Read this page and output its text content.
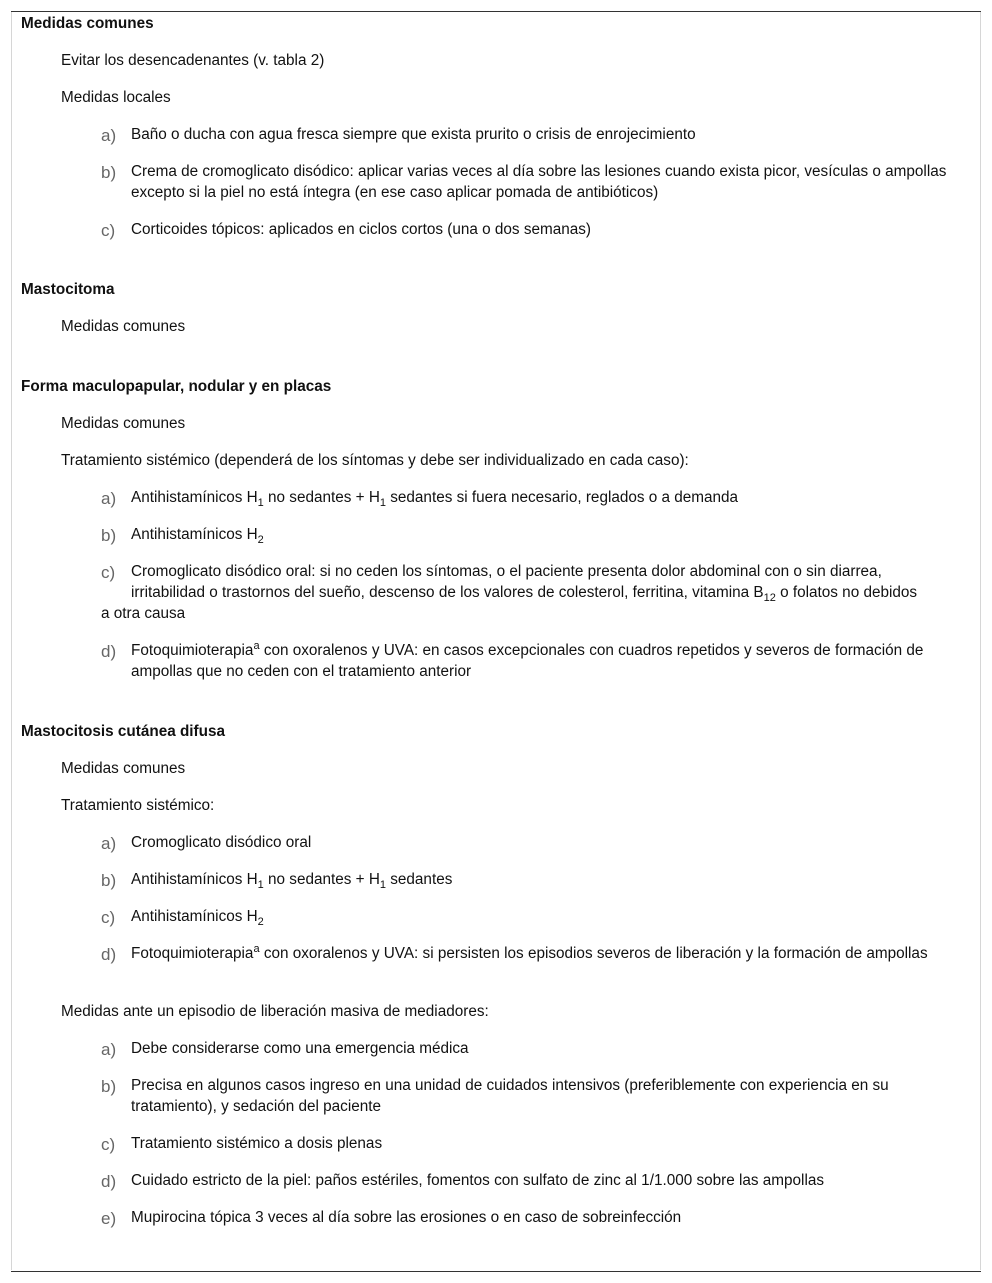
Medidas comunes
Evitar los desencadenantes (v. tabla 2)
Medidas locales
a) Baño o ducha con agua fresca siempre que exista prurito o crisis de enrojecimiento
b) Crema de cromoglicato disódico: aplicar varias veces al día sobre las lesiones cuando exista picor, vesículas o ampollas excepto si la piel no está íntegra (en ese caso aplicar pomada de antibióticos)
c)	Corticoides tópicos: aplicados en ciclos cortos (una o dos semanas)
Mastocitoma
Medidas comunes
Forma maculopapular, nodular y en placas
Medidas comunes
Tratamiento sistémico (dependerá de los síntomas y debe ser individualizado en cada caso):
a) Antihistamínicos $H_1$ no sedantes + $H_1$ sedantes si fuera necesario, reglados o a demanda
b) Antihistamínicos $H_2$
c)	Cromoglicato disódico oral: si no ceden los síntomas, o el paciente presenta dolor abdominal con o sin diarrea, irritabilidad o trastornos del sueño, descenso de los valores de colesterol, ferritina, vitamina $B_{12}$ o folatos no debidos
a otra causa
d) Fotoquimioterapia$^a$ con oxoralenos y UVA: en casos excepcionales con cuadros repetidos y severos de formación de ampollas que no ceden con el tratamiento anterior
Mastocitosis cutánea difusa
Medidas comunes
Tratamiento sistémico:
a) Cromoglicato disódico oral
b) Antihistamínicos $H_1$ no sedantes + $H_1$ sedantes
c)	Antihistamínicos $H_2$
d) Fotoquimioterapia$^a$ con oxoralenos y UVA: si persisten los episodios severos de liberación y la formación de ampollas
Medidas ante un episodio de liberación masiva de mediadores:
a) Debe considerarse como una emergencia médica
b) Precisa en algunos casos ingreso en una unidad de cuidados intensivos (preferiblemente con experiencia en su tratamiento), y sedación del paciente
c)	Tratamiento sistémico a dosis plenas
d) Cuidado estricto de la piel: paños estériles, fomentos con sulfato de zinc al 1/1.000 sobre las ampollas
e) Mupirocina tópica 3 veces al día sobre las erosiones o en caso de sobreinfección
